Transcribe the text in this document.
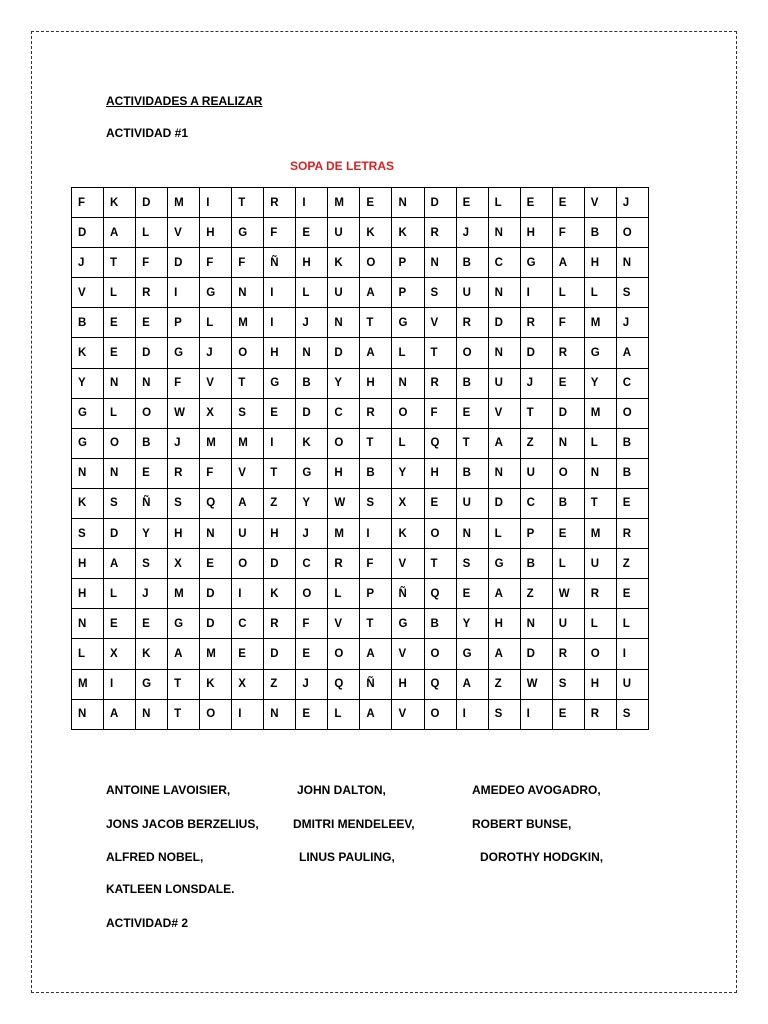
ACTIVIDADES A REALIZAR
ACTIVIDAD #1
SOPA DE LETRAS
F	K	D	M	I	T	R	I	M	E	N	D	E	L	E	E	V	J
D	A	L	V	H	G	F	E	U	K	K	R	J	N	H	F	B	O
J	T	F	D	F	F	Ñ	H	K	O	P	N	B	C	G	A	H	N
V	L	R	I	G	N	I	L	U	A	P	S	U	N	I	L	L	S
B	E	E	P	L	M	I	J	N	T	G	V	R	D	R	F	M	J
K	E	D	G	J	O	H	N	D	A	L	T	O	N	D	R	G	A
Y	N	N	F	V	T	G	B	Y	H	N	R	B	U	J	E	Y	C
G	L	O	W	X	S	E	D	C	R	O	F	E	V	T	D	M	O
G	O	B	J	M	M	I	K	O	T	L	Q	T	A	Z	N	L	B
N	N	E	R	F	V	T	G	H	B	Y	H	B	N	U	O	N	B
K	S	Ñ	S	Q	A	Z	Y	W	S	X	E	U	D	C	B	T	E
S	D	Y	H	N	U	H	J	M	I	K	O	N	L	P	E	M	R
H	A	S	X	E	O	D	C	R	F	V	T	S	G	B	L	U	Z
H	L	J	M	D	I	K	O	L	P	Ñ	Q	E	A	Z	W	R	E
N	E	E	G	D	C	R	F	V	T	G	B	Y	H	N	U	L	L
L	X	K	A	M	E	D	E	O	A	V	O	G	A	D	R	O	I
M	I	G	T	K	X	Z	J	Q	Ñ	H	Q	A	Z	W	S	H	U
N	A	N	T	O	I	N	E	L	A	V	O	I	S	I	E	R	S
ANTOINE LAVOISIER,	JOHN DALTON,	AMEDEO AVOGADRO,
JONS JACOB BERZELIUS,	DMITRI MENDELEEV,	ROBERT BUNSE,
ALFRED NOBEL,	LINUS PAULING,	DOROTHY HODGKIN,
KATLEEN LONSDALE.
ACTIVIDAD# 2
